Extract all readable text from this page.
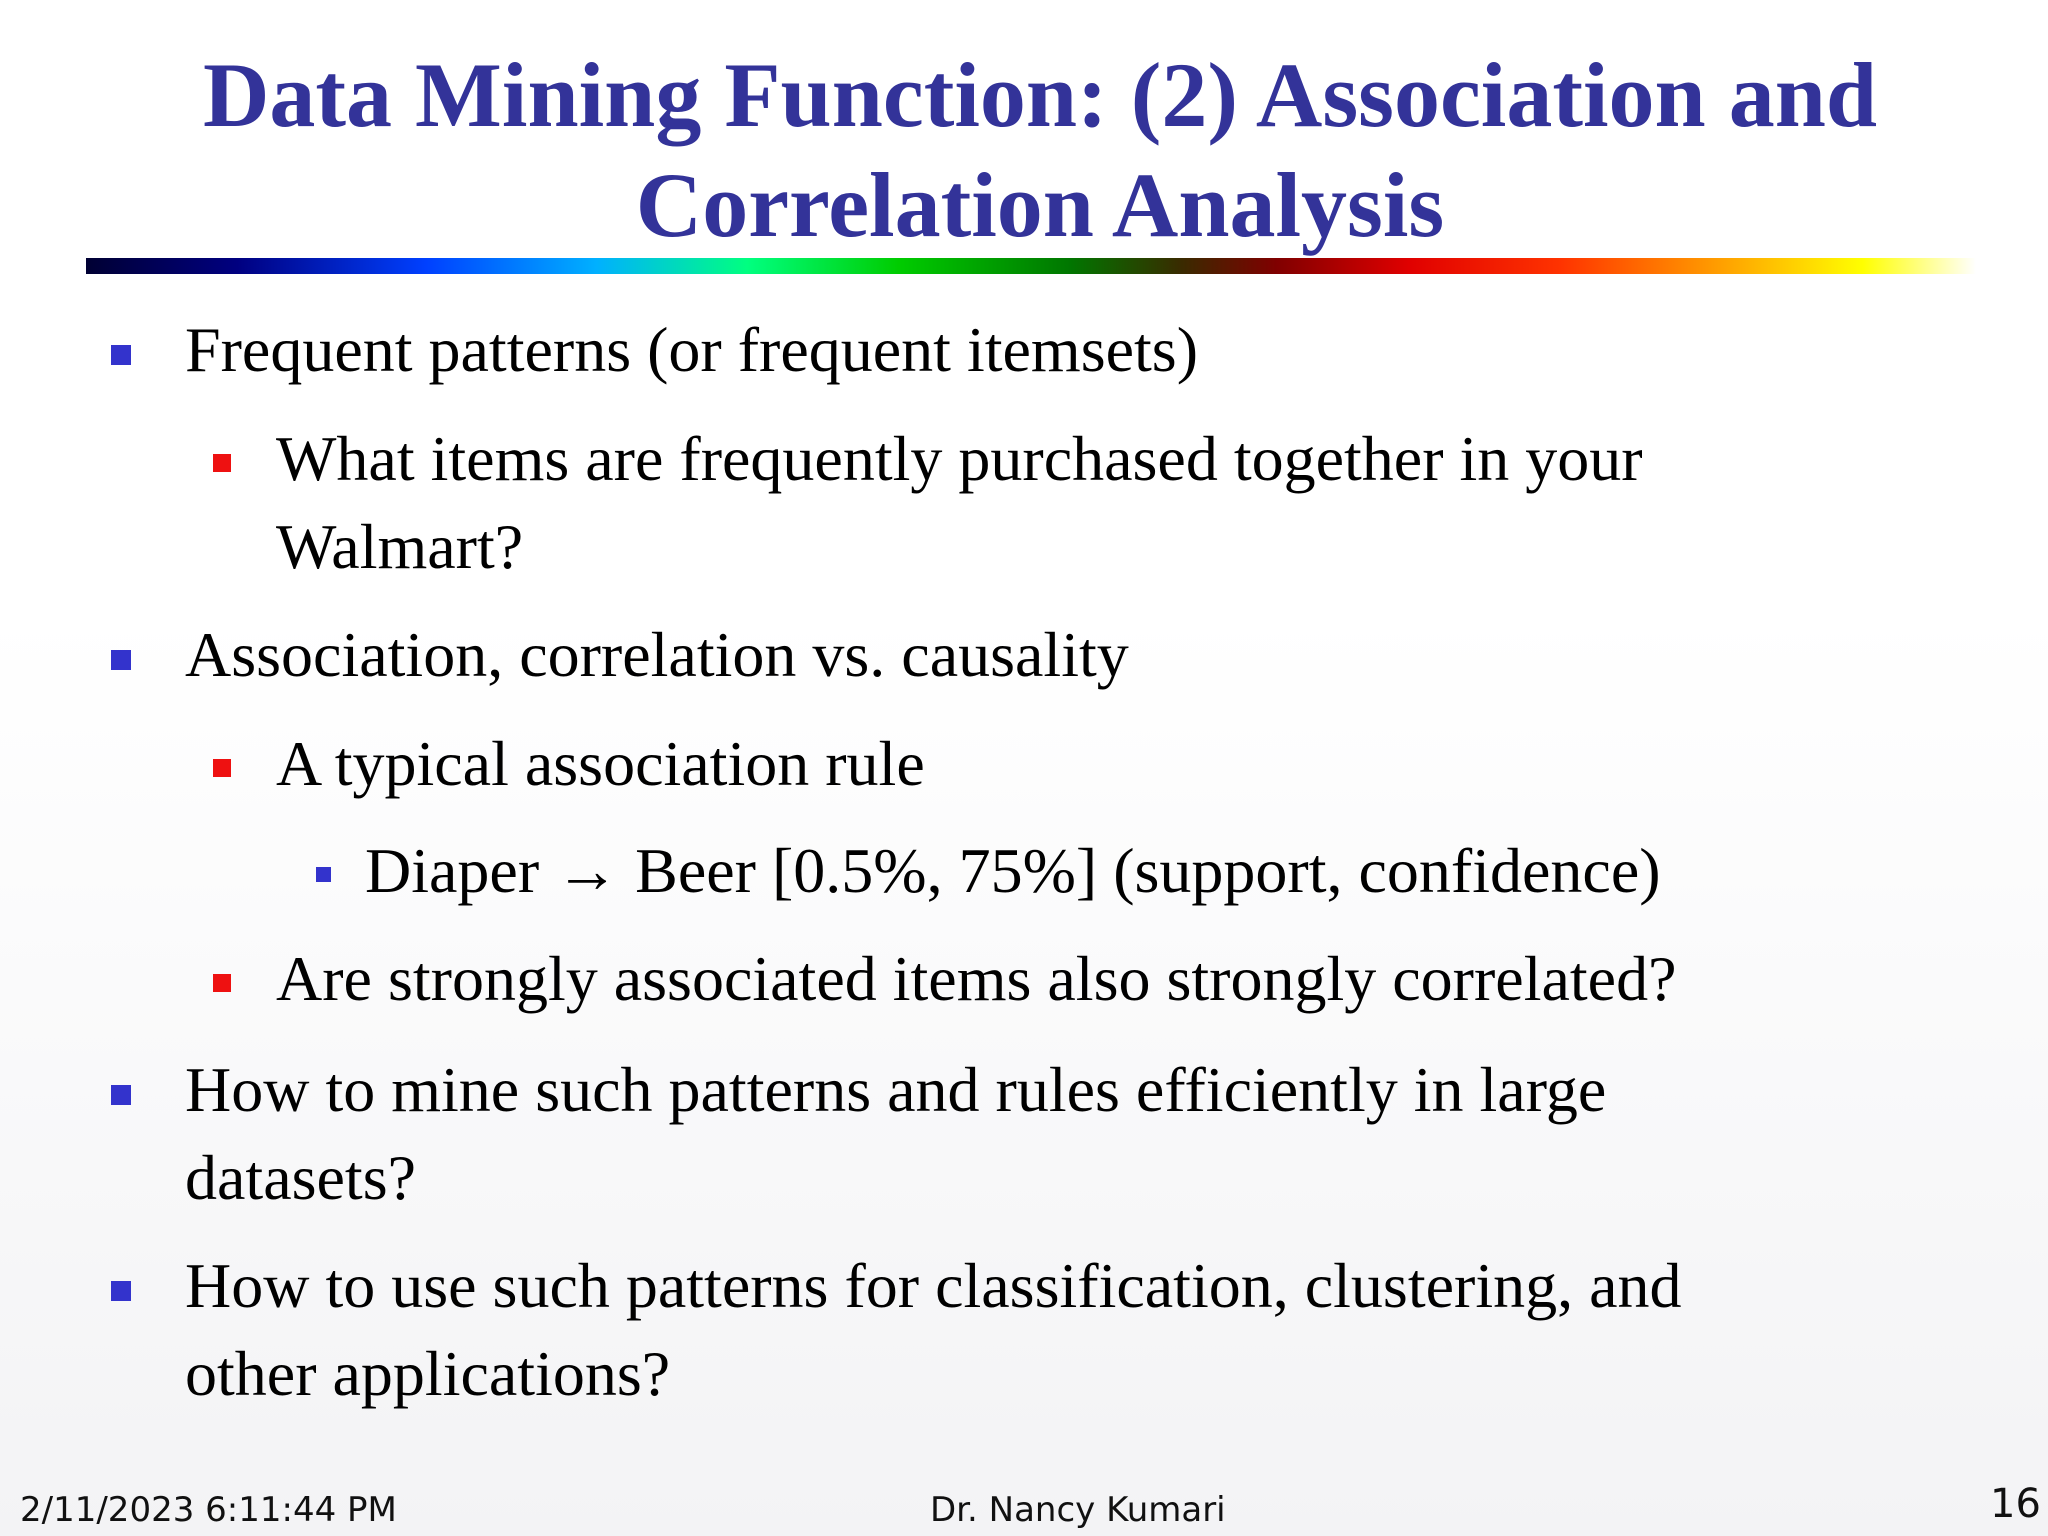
Data Mining Function: (2) Association and
Correlation Analysis

Frequent patterns (or frequent itemsets)

What items are frequently purchased together in your

Walmart?

Association, correlation vs. causality

A typical association rule

Diaper → Beer [0.5%, 75%] (support, confidence)

Are strongly associated items also strongly correlated?

How to mine such patterns and rules efficiently in large

datasets?

How to use such patterns for classification, clustering, and

other applications?

2/11/2023 6:11:44 PM	Dr. Nancy Kumari	16
